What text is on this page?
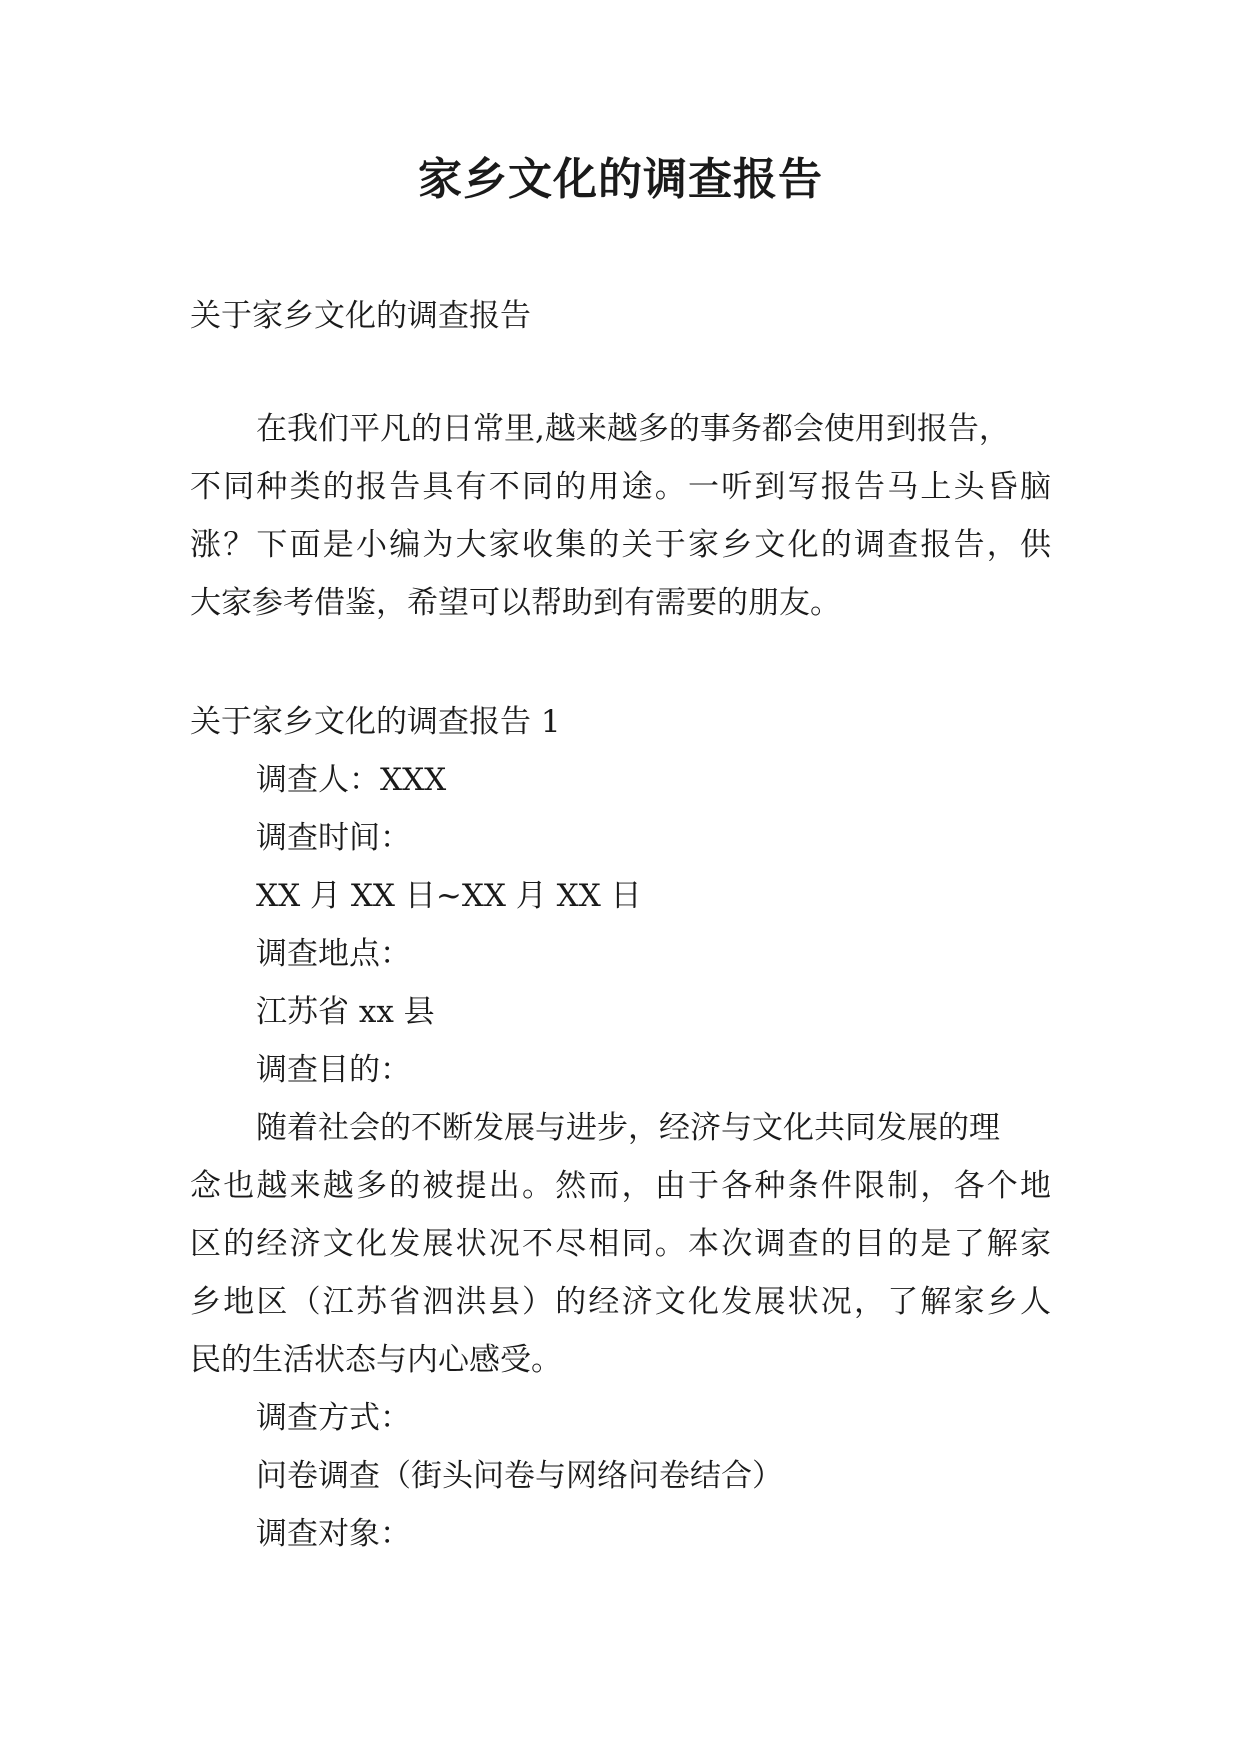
家乡文化的调查报告
关于家乡文化的调查报告
在我们平凡的日常里,越来越多的事务都会使用到报告，
不同种类的报告具有不同的用途。一听到写报告马上头昏脑
涨？下面是小编为大家收集的关于家乡文化的调查报告，供
大家参考借鉴，希望可以帮助到有需要的朋友。
关于家乡文化的调查报告 1
调查人：XXX
调查时间：
XX 月 XX 日~XX 月 XX 日
调查地点：
江苏省 xx 县
调查目的：
随着社会的不断发展与进步，经济与文化共同发展的理
念也越来越多的被提出。然而，由于各种条件限制，各个地
区的经济文化发展状况不尽相同。本次调查的目的是了解家
乡地区（江苏省泗洪县）的经济文化发展状况，了解家乡人
民的生活状态与内心感受。
调查方式：
问卷调查（街头问卷与网络问卷结合）
调查对象：
